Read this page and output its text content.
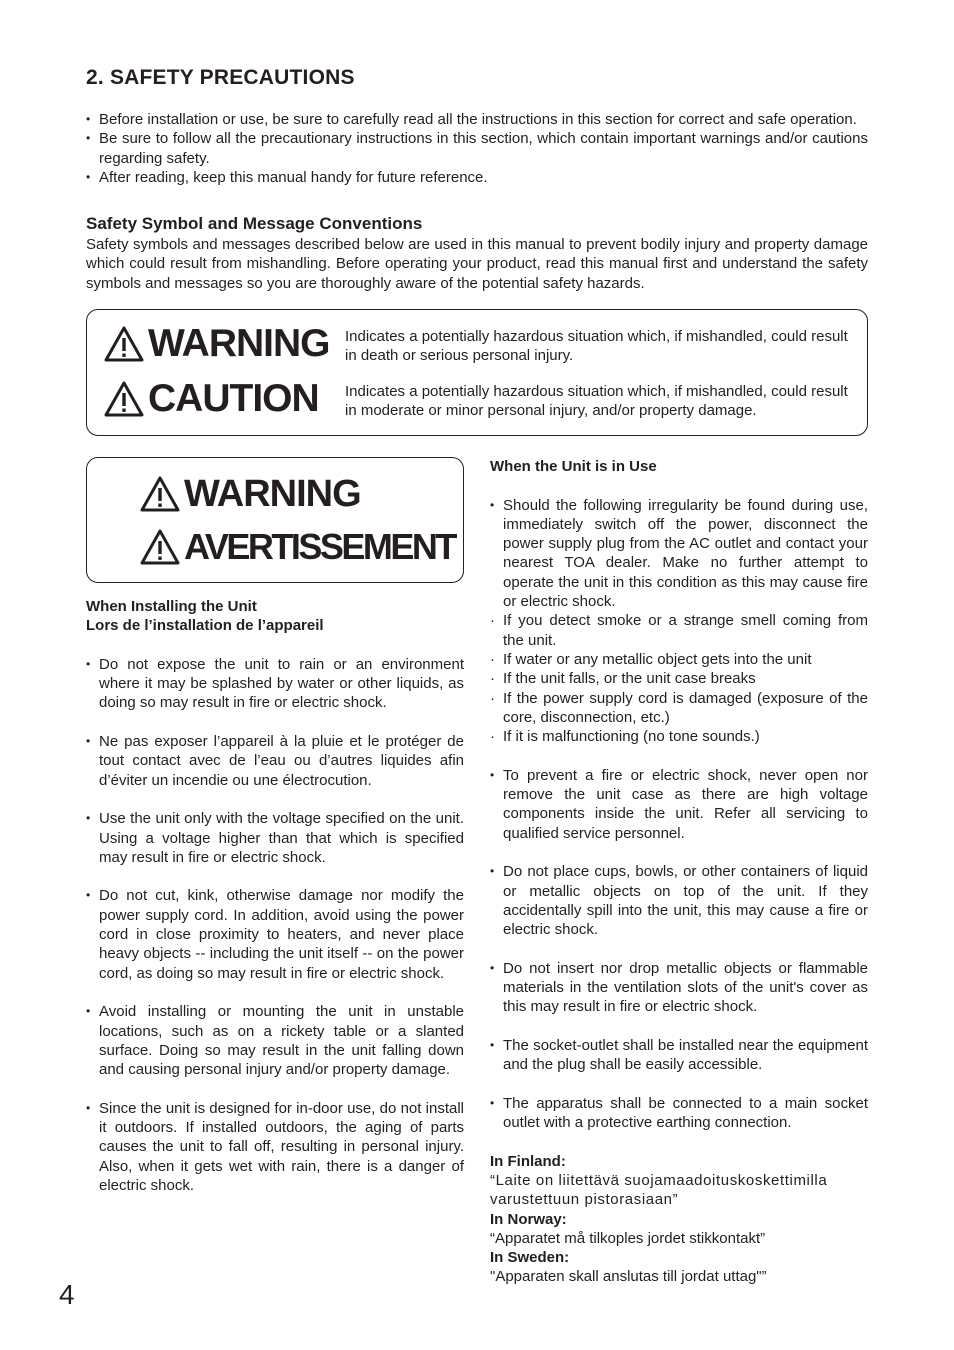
2. SAFETY PRECAUTIONS
• Before installation or use, be sure to carefully read all the instructions in this section for correct and safe operation.
• Be sure to follow all the precautionary instructions in this section, which contain important warnings and/or cautions regarding safety.
• After reading, keep this manual handy for future reference.
Safety Symbol and Message Conventions

Safety symbols and messages described below are used in this manual to prevent bodily injury and property damage which could result from mishandling. Before operating your product, read this manual first and understand the safety symbols and messages so you are thoroughly aware of the potential safety hazards.

WARNING Indicates a potentially hazardous situation which, if mishandled, could result in death or serious personal injury.

CAUTION Indicates a potentially hazardous situation which, if mishandled, could result in moderate or minor personal injury, and/or property damage.

WARNING
AVERTISSEMENT

When Installing the Unit

Lors de l’installation de l’appareil

• Do not expose the unit to rain or an environment where it may be splashed by water or other liquids, as doing so may result in fire or electric shock.
• Ne pas exposer l’appareil à la pluie et le protéger de tout contact avec de l’eau ou d’autres liquides afin d’éviter un incendie ou une électrocution.
• Use the unit only with the voltage specified on the unit. Using a voltage higher than that which is specified may result in fire or electric shock.
• Do not cut, kink, otherwise damage nor modify the power supply cord. In addition, avoid using the power cord in close proximity to heaters, and never place heavy objects -- including the unit itself -- on the power cord, as doing so may result in fire or electric shock.
• Avoid installing or mounting the unit in unstable locations, such as on a rickety table or a slanted surface. Doing so may result in the unit falling down and causing personal injury and/or property damage.
• Since the unit is designed for in-door use, do not install it outdoors. If installed outdoors, the aging of parts causes the unit to fall off, resulting in personal injury. Also, when it gets wet with rain, there is a danger of electric shock.

When the Unit is in Use

• Should the following irregularity be found during use, immediately switch off the power, disconnect the power supply plug from the AC outlet and contact your nearest TOA dealer. Make no further attempt to operate the unit in this condition as this may cause fire or electric shock.
· If you detect smoke or a strange smell coming from the unit.
· If water or any metallic object gets into the unit
· If the unit falls, or the unit case breaks
· If the power supply cord is damaged (exposure of the core, disconnection, etc.)
· If it is malfunctioning (no tone sounds.)
• To prevent a fire or electric shock, never open nor remove the unit case as there are high voltage components inside the unit. Refer all servicing to qualified service personnel.
• Do not place cups, bowls, or other containers of liquid or metallic objects on top of the unit. If they accidentally spill into the unit, this may cause a fire or electric shock.
• Do not insert nor drop metallic objects or flammable materials in the ventilation slots of the unit's cover as this may result in fire or electric shock.
• The socket-outlet shall be installed near the equipment and the plug shall be easily accessible.
• The apparatus shall be connected to a main socket outlet with a protective earthing connection.

In Finland:

“Laite on liitettävä suojamaadoituskoskettimilla varustettuun pistorasiaan”

In Norway:

“Apparatet må tilkoples jordet stikkontakt”

In Sweden:

"Apparaten skall anslutas till jordat uttag"”

4
